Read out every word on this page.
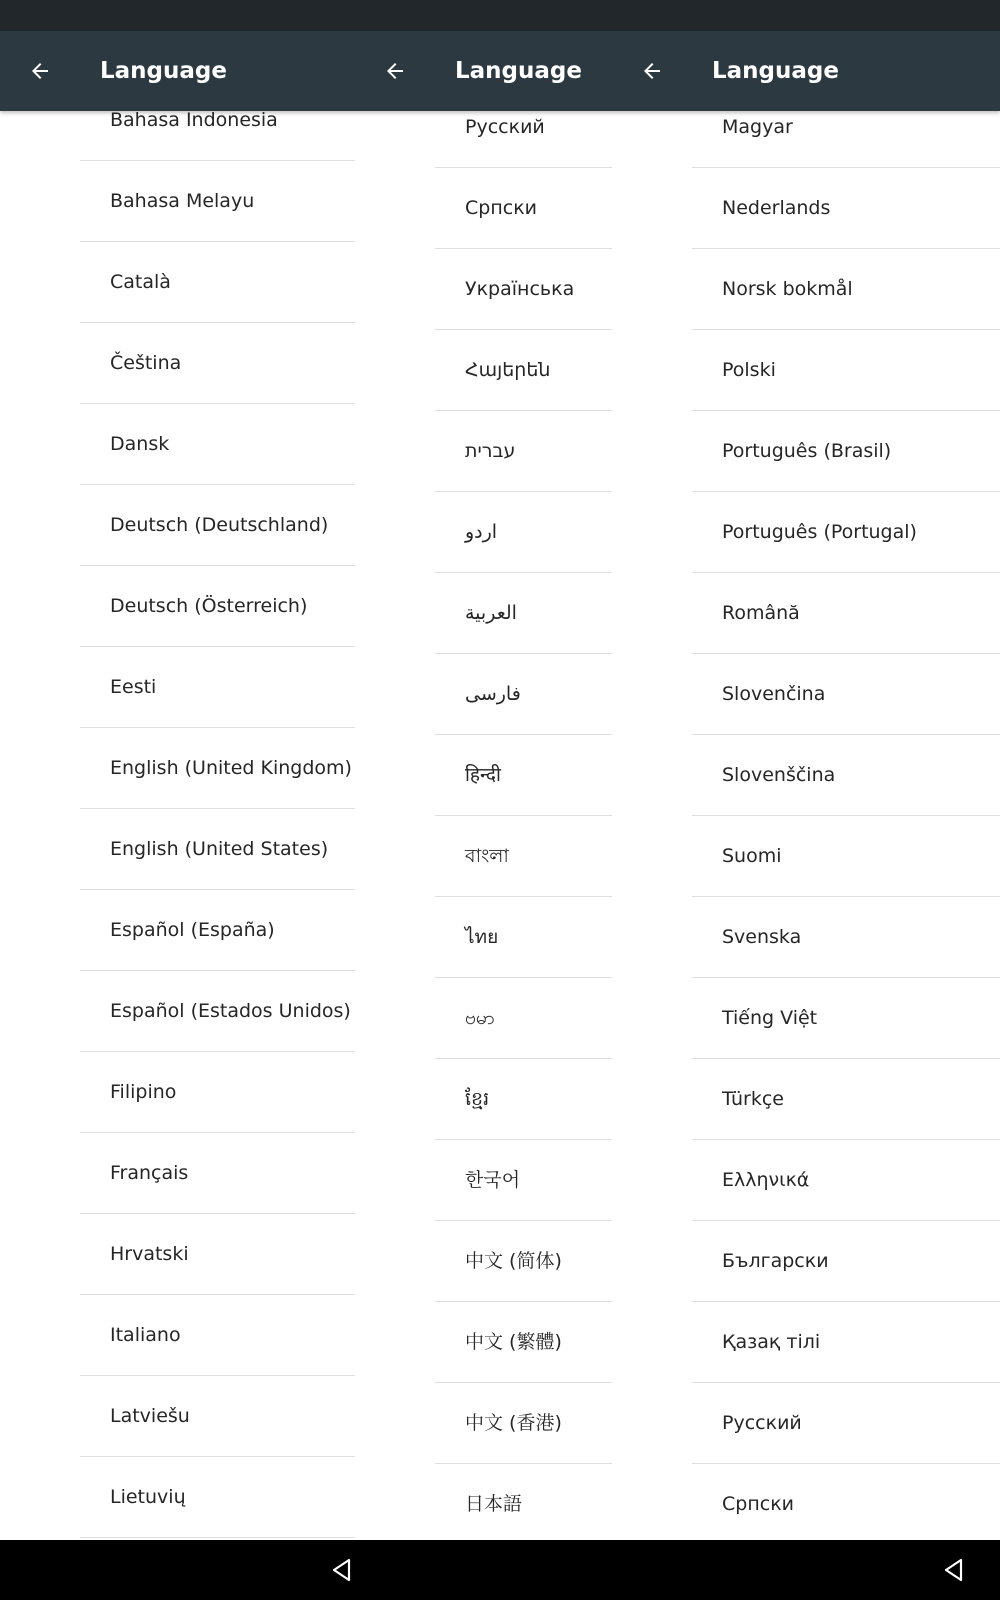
Language	Language	Language
Bahasa Indonesia
Bahasa Melayu
Català
Čeština
Dansk
Deutsch (Deutschland)
Deutsch (Österreich)
Eesti
English (United Kingdom)
English (United States)
Español (España)
Español (Estados Unidos)
Filipino
Français
Hrvatski
Italiano
Latviešu
Lietuvių
Русский
Српски
Українська
Հայերեն
עברית
اردو
العربية
فارسی
हिन्दी
বাংলা
ไทย
ဗမာ
ខ្មែរ
한국어
中文 (简体)
中文 (繁體)
中文 (香港)
日本語
Magyar
Nederlands
Norsk bokmål
Polski
Português (Brasil)
Português (Portugal)
Română
Slovenčina
Slovenščina
Suomi
Svenska
Tiếng Việt
Türkçe
Ελληνικά
Български
Қазақ тілі
Русский
Српски
